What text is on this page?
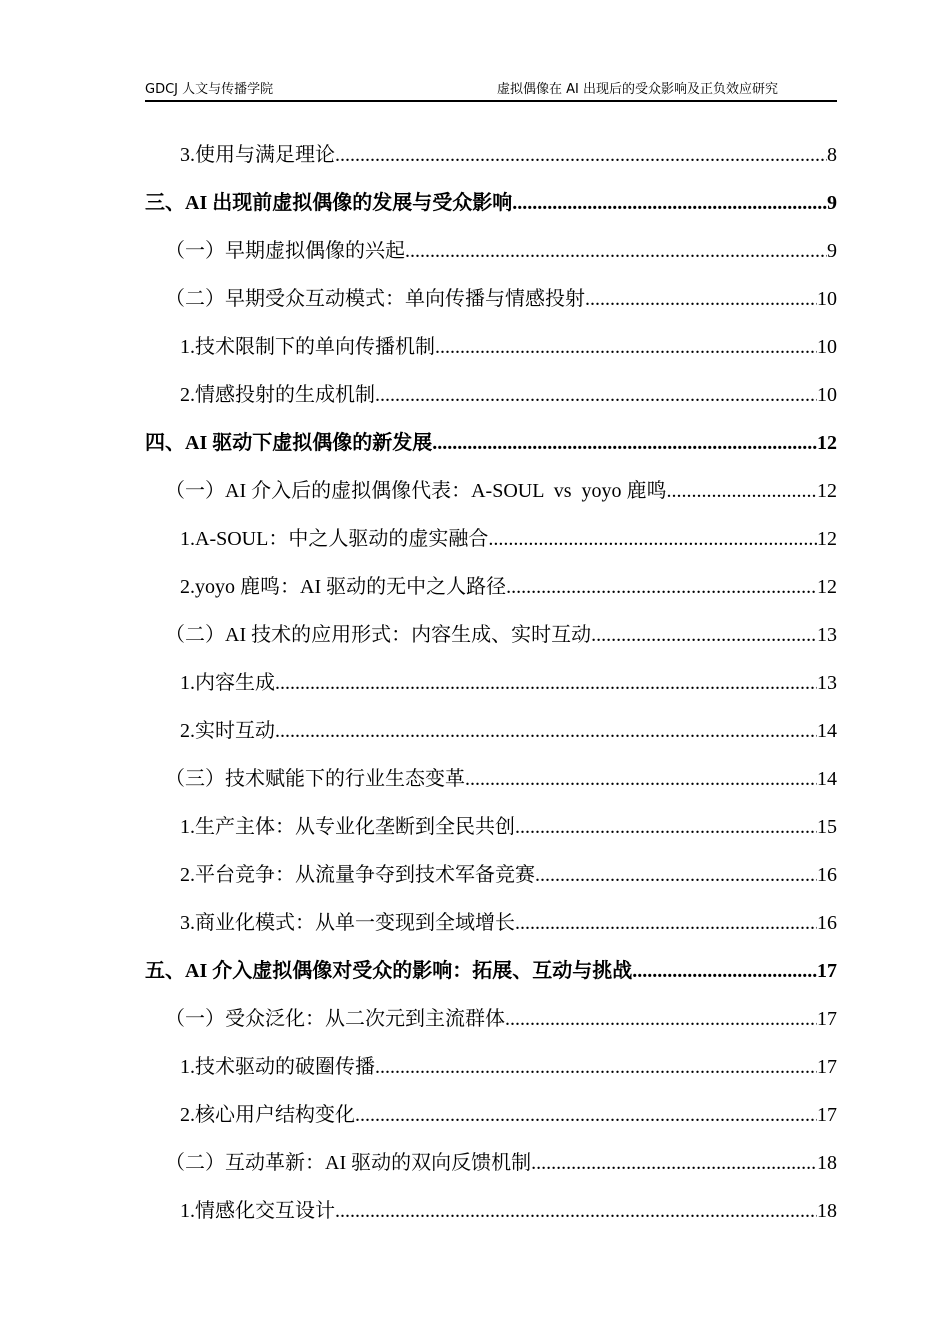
GDCJ 人文与传播学院	虚拟偶像在 AI 出现后的受众影响及正负效应研究
3.使用与满足理论 .....	8
三、AI 出现前虚拟偶像的发展与受众影响 .....	9
（一）早期虚拟偶像的兴起 .....	9
（二）早期受众互动模式：单向传播与情感投射 .....	10
1.技术限制下的单向传播机制 .....	10
2.情感投射的生成机制 .....	10
四、AI 驱动下虚拟偶像的新发展 .....	12
（一）AI 介入后的虚拟偶像代表：A-SOUL  vs  yoyo 鹿鸣 .....	12
1.A-SOUL：中之人驱动的虚实融合 .....	12
2.yoyo 鹿鸣：AI 驱动的无中之人路径 .....	12
（二）AI 技术的应用形式：内容生成、实时互动 .....	13
1.内容生成 .....	13
2.实时互动 .....	14
（三）技术赋能下的行业生态变革 .....	14
1.生产主体：从专业化垄断到全民共创 .....	15
2.平台竞争：从流量争夺到技术军备竞赛 .....	16
3.商业化模式：从单一变现到全域增长 .....	16
五、AI 介入虚拟偶像对受众的影响：拓展、互动与挑战 .....	17
（一）受众泛化：从二次元到主流群体 .....	17
1.技术驱动的破圈传播 .....	17
2.核心用户结构变化 .....	17
（二）互动革新：AI 驱动的双向反馈机制 .....	18
1.情感化交互设计 .....	18
